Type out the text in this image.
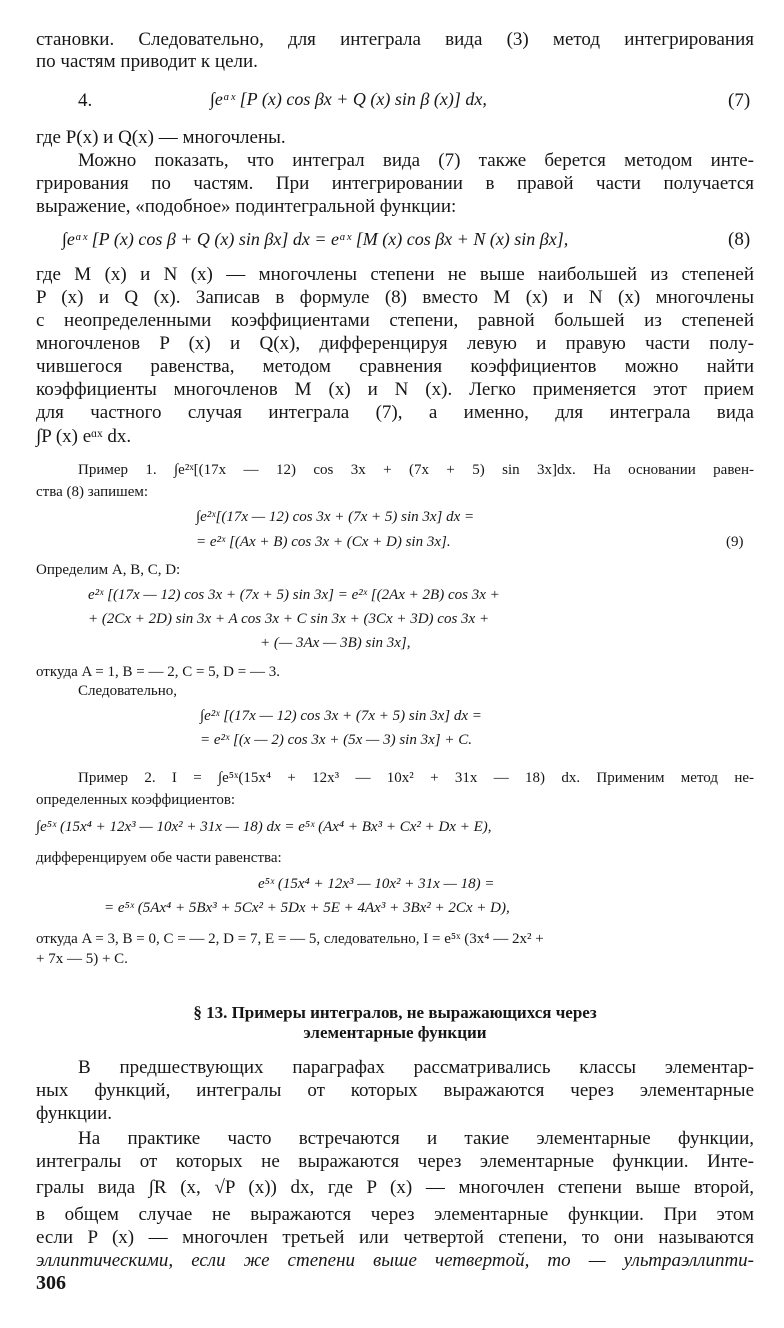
становки. Следовательно, для интеграла вида (3) метод интегрирования
по частям приводит к цели.
где P(x) и Q(x) — многочлены.
Можно показать, что интеграл вида (7) также берется методом инте-
грирования по частям. При интегрировании в правой части получается
выражение, «подобное» подинтегральной функции:
где M (x) и N (x) — многочлены степени не выше наибольшей из степеней
P (x) и Q (x). Записав в формуле (8) вместо M (x) и N (x) многочлены
с неопределенными коэффициентами степени, равной большей из степеней
многочленов P (x) и Q(x), дифференцируя левую и правую части полу-
чившегося равенства, методом сравнения коэффициентов можно найти
коэффициенты многочленов M (x) и N (x). Легко применяется этот прием
для частного случая интеграла (7), а именно, для интеграла вида
∫P (x) eᵅˣ dx.
Пример 1. ∫e²ˣ[(17x — 12) cos 3x + (7x + 5) sin 3x]dx. На основании равен-
ства (8) запишем:
∫e²ˣ[(17x — 12) cos 3x + (7x + 5) sin 3x] dx =
= e²ˣ [(Ax + B) cos 3x + (Cx + D) sin 3x].	(9)
Определим A, B, C, D:
e²ˣ [(17x — 12) cos 3x + (7x + 5) sin 3x] = e²ˣ [(2Ax + 2B) cos 3x +
+ (2Cx + 2D) sin 3x + A cos 3x + C sin 3x + (3Cx + 3D) cos 3x +
+ (— 3Ax — 3B) sin 3x],
откуда A = 1, B = — 2, C = 5, D = — 3.
Следовательно,
∫e²ˣ [(17x — 12) cos 3x + (7x + 5) sin 3x] dx =
= e²ˣ [(x — 2) cos 3x + (5x — 3) sin 3x] + C.
Пример 2. I = ∫e⁵ˣ(15x⁴ + 12x³ — 10x² + 31x — 18) dx. Применим метод не-
определенных коэффициентов:
∫e⁵ˣ (15x⁴ + 12x³ — 10x² + 31x — 18) dx = e⁵ˣ (Ax⁴ + Bx³ + Cx² + Dx + E),
дифференцируем обе части равенства:
e⁵ˣ (15x⁴ + 12x³ — 10x² + 31x — 18) =
= e⁵ˣ (5Ax⁴ + 5Bx³ + 5Cx² + 5Dx + 5E + 4Ax³ + 3Bx² + 2Cx + D),
откуда A = 3, B = 0, C = — 2, D = 7, E = — 5, следовательно, I = e⁵ˣ (3x⁴ — 2x² +
+ 7x — 5) + C.
§ 13. Примеры интегралов, не выражающихся через
элементарные функции
В предшествующих параграфах рассматривались классы элементар-
ных функций, интегралы от которых выражаются через элементарные
функции.
На практике часто встречаются и такие элементарные функции,
интегралы от которых не выражаются через элементарные функции. Инте-
гралы вида ∫R (x, √P (x)) dx, где P (x) — многочлен степени выше второй,
в общем случае не выражаются через элементарные функции. При этом
если P (x) — многочлен третьей или четвертой степени, то они называются
эллиптическими, если же степени выше четвертой, то — ультраэллипти-
4.	∫eᵅˣ [P (x) cos βx + Q (x) sin β (x)] dx,	(7)
∫eᵅˣ [P (x) cos β + Q (x) sin βx] dx = eᵅˣ [M (x) cos βx + N (x) sin βx],	(8)
306
